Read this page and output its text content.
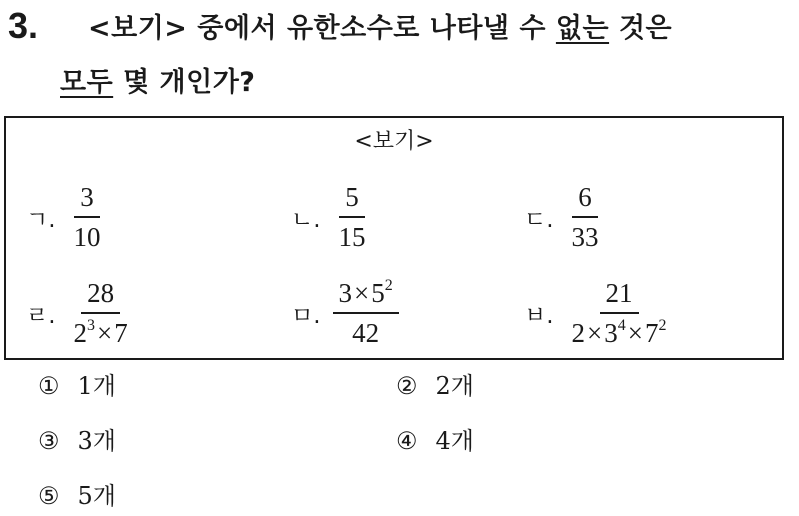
3. <보기> 중에서 유한소수로 나타낼 수 없는 것은
모두 몇 개인가?
<보기>
ㄱ. $\frac{3}{10}$	ㄴ. $\frac{5}{15}$	ㄷ. $\frac{6}{33}$
ㄹ. $\frac{28}{2^3\times 7}$	ㅁ. $\frac{3\times 5^2}{42}$	ㅂ. $\frac{21}{2\times 3^4\times 7^2}$
① 1개	② 2개
③ 3개	④ 4개
⑤ 5개
